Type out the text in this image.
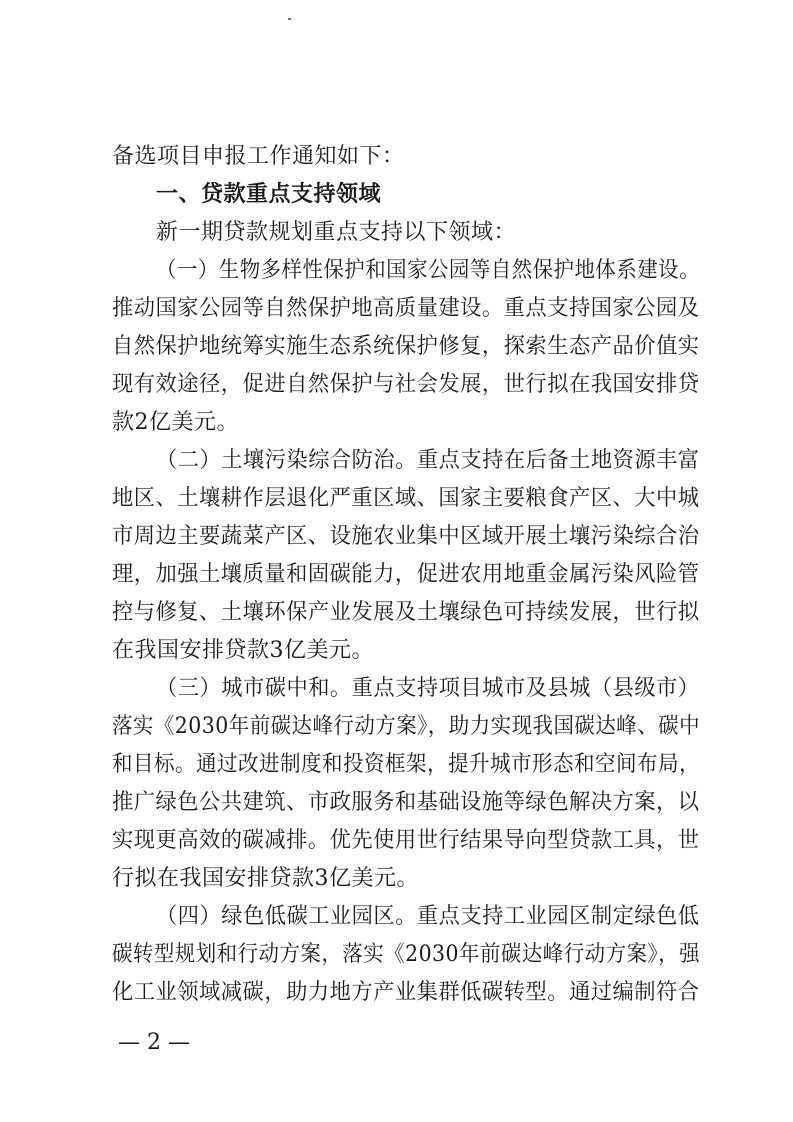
备选项目申报工作通知如下：

一、贷款重点支持领域

新一期贷款规划重点支持以下领域：

（一）生物多样性保护和国家公园等自然保护地体系建设。

推动国家公园等自然保护地高质量建设。重点支持国家公园及

自然保护地统筹实施生态系统保护修复，探索生态产品价值实

现有效途径，促进自然保护与社会发展，世行拟在我国安排贷

款2亿美元。

（二）土壤污染综合防治。重点支持在后备土地资源丰富

地区、土壤耕作层退化严重区域、国家主要粮食产区、大中城

市周边主要蔬菜产区、设施农业集中区域开展土壤污染综合治

理，加强土壤质量和固碳能力，促进农用地重金属污染风险管

控与修复、土壤环保产业发展及土壤绿色可持续发展，世行拟

在我国安排贷款3亿美元。

（三）城市碳中和。重点支持项目城市及县城（县级市）

落实《2030年前碳达峰行动方案》，助力实现我国碳达峰、碳中

和目标。通过改进制度和投资框架，提升城市形态和空间布局，

推广绿色公共建筑、市政服务和基础设施等绿色解决方案，以

实现更高效的碳减排。优先使用世行结果导向型贷款工具，世

行拟在我国安排贷款3亿美元。

（四）绿色低碳工业园区。重点支持工业园区制定绿色低

碳转型规划和行动方案，落实《2030年前碳达峰行动方案》，强

化工业领域减碳，助力地方产业集群低碳转型。通过编制符合

— 2 —
